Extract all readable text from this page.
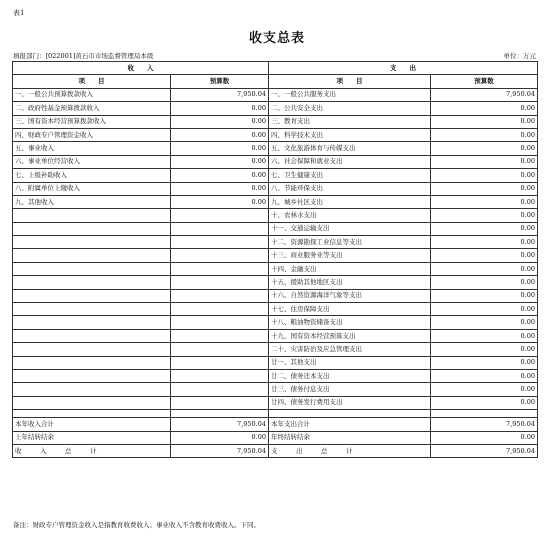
表1
收支总表
填报部门：[022001]黄石市市场监督管理局本级	单位：万元
收　　入		支　　出	
项　　目	预算数	项　　目	预算数
一、一般公共预算拨款收入	7,950.04	一、一般公共服务支出	7,950.04
二、政府性基金预算拨款收入	0.00	二、公共安全支出	0.00
三、国有资本经营预算拨款收入	0.00	三、教育支出	0.00
四、财政专户管理资金收入	0.00	四、科学技术支出	0.00
五、事业收入	0.00	五、文化旅游体育与传媒支出	0.00
六、事业单位经营收入	0.00	六、社会保障和就业支出	0.00
七、上级补助收入	0.00	七、卫生健康支出	0.00
八、附属单位上缴收入	0.00	八、节能环保支出	0.00
九、其他收入	0.00	九、城乡社区支出	0.00
		十、农林水支出	0.00
		十一、交通运输支出	0.00
		十二、资源勘探工业信息等支出	0.00
		十三、商业服务业等支出	0.00
		十四、金融支出	0.00
		十五、援助其他地区支出	0.00
		十六、自然资源海洋气象等支出	0.00
		十七、住房保障支出	0.00
		十八、粮油物资储备支出	0.00
		十九、国有资本经营预算支出	0.00
		二十、灾害防治及应急管理支出	0.00
		廿一、其他支出	0.00
		廿二、债务还本支出	0.00
		廿三、债务付息支出	0.00
		廿四、债务发行费用支出	0.00

本年收入合计	7,950.04	本年支出合计	7,950.04
上年结转结余	0.00	年终结转结余	0.00
收　入　总　计	7,950.04	支　出　总　计	7,950.04
备注：财政专户管理资金收入是指教育收费收入；事业收入不含教育收费收入。下同。
